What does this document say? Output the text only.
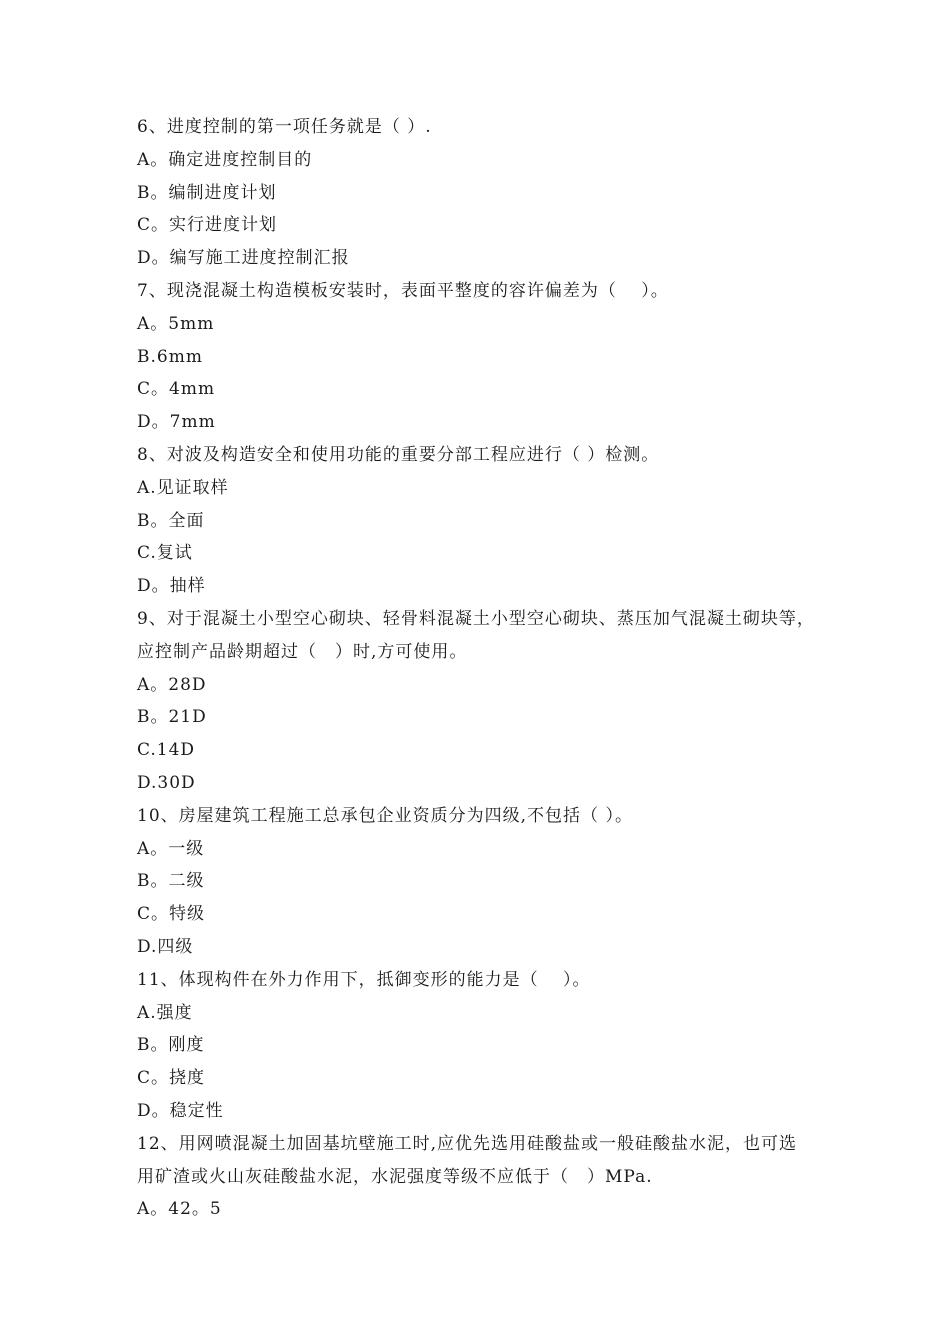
6、进度控制的第一项任务就是（ ）.
A。确定进度控制目的
B。编制进度计划
C。实行进度计划
D。编写施工进度控制汇报
7、现浇混凝土构造模板安装时，表面平整度的容许偏差为（　 ）。
A。5mm
B.6mm
C。4mm
D。7mm
8、对波及构造安全和使用功能的重要分部工程应进行（ ）检测。
A.见证取样
B。全面
C.复试
D。抽样
9、对于混凝土小型空心砌块、轻骨料混凝土小型空心砌块、蒸压加气混凝土砌块等，
应控制产品龄期超过（　）时,方可使用。
A。28D
B。21D
C.14D
D.30D
10、房屋建筑工程施工总承包企业资质分为四级,不包括（ ）。
A。一级
B。二级
C。特级
D.四级
11、体现构件在外力作用下，抵御变形的能力是（　 ）。
A.强度
B。刚度
C。挠度
D。稳定性
12、用网喷混凝土加固基坑壁施工时,应优先选用硅酸盐或一般硅酸盐水泥，也可选
用矿渣或火山灰硅酸盐水泥，水泥强度等级不应低于（　）MPa.
A。42。5
